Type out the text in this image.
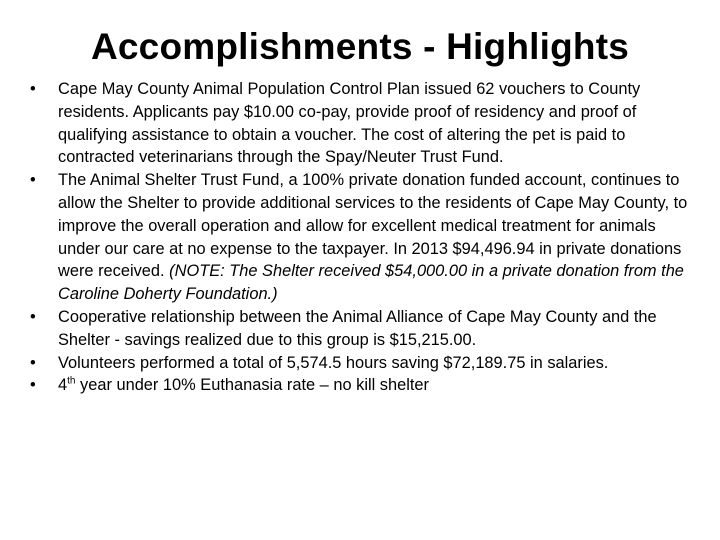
Accomplishments - Highlights
•	Cape May County Animal Population Control Plan issued 62 vouchers to County residents. Applicants pay $10.00 co-pay, provide proof of residency and proof of qualifying assistance to obtain a voucher. The cost of altering the pet is paid to contracted veterinarians through the Spay/Neuter Trust Fund.
•	The Animal Shelter Trust Fund, a 100% private donation funded account, continues to allow the Shelter to provide additional services to the residents of Cape May County, to improve the overall operation and allow for excellent medical treatment for animals under our care at no expense to the taxpayer. In 2013 $94,496.94 in private donations were received. (NOTE: The Shelter received $54,000.00 in a private donation from the Caroline Doherty Foundation.)
•	Cooperative relationship between the Animal Alliance of Cape May County and the Shelter - savings realized due to this group is $15,215.00.
•	Volunteers performed a total of 5,574.5 hours saving $72,189.75 in salaries.
•	4th year under 10% Euthanasia rate – no kill shelter
